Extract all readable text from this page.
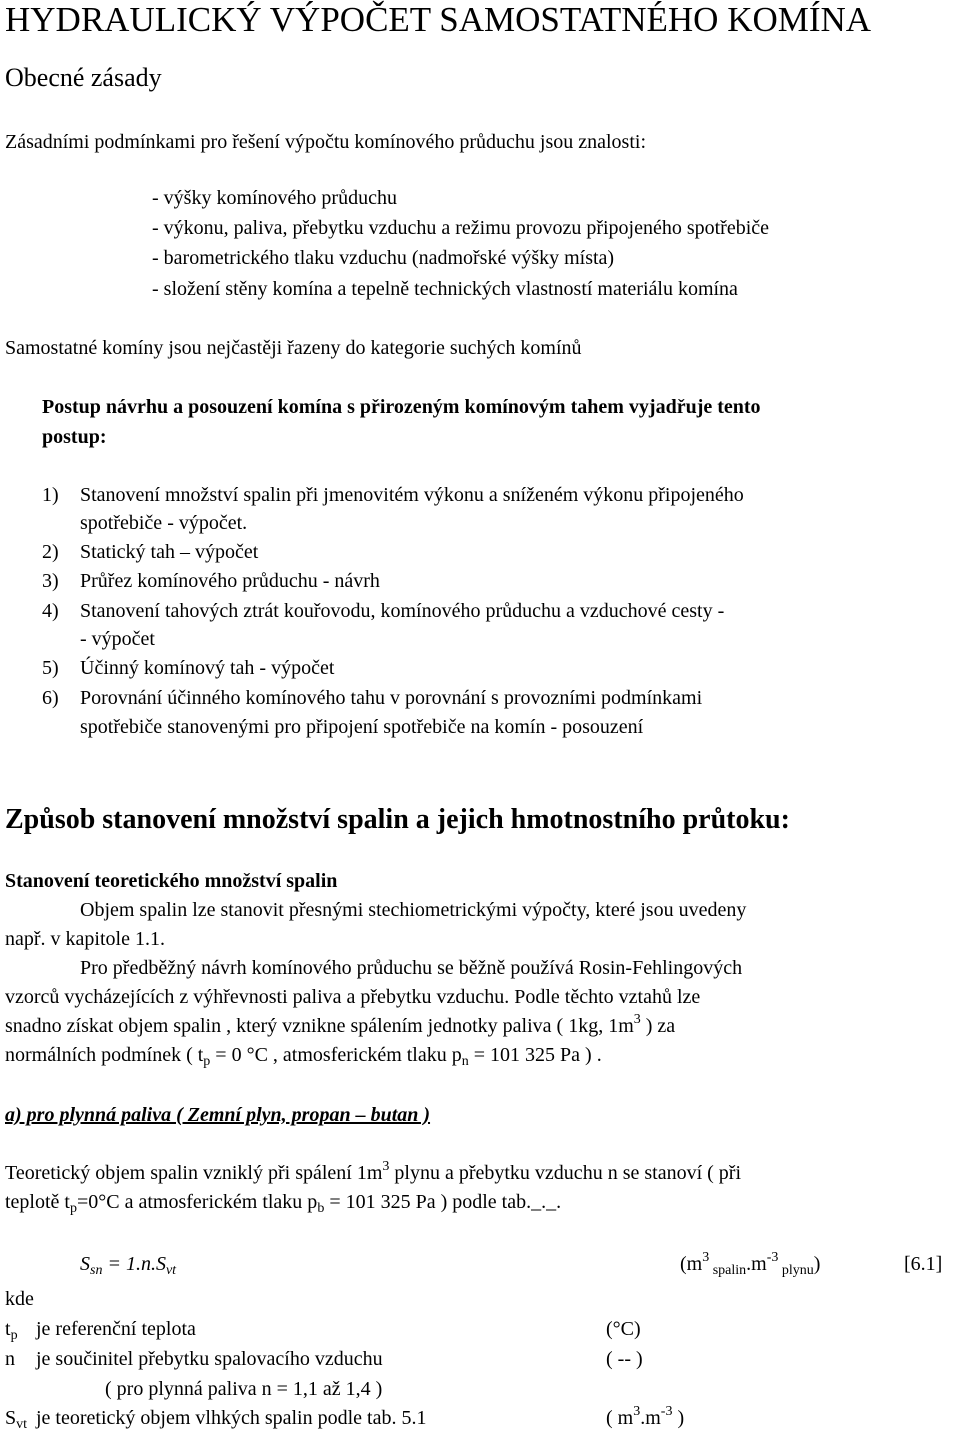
HYDRAULICKÝ VÝPOČET SAMOSTATNÉHO KOMÍNA
Obecné zásady
Zásadními podmínkami pro řešení výpočtu komínového průduchu jsou znalosti:
- výšky komínového průduchu
- výkonu, paliva, přebytku vzduchu a režimu provozu připojeného spotřebiče
- barometrického tlaku vzduchu (nadmořské výšky místa)
- složení stěny komína a tepelně technických vlastností materiálu komína
Samostatné komíny jsou nejčastěji řazeny do kategorie suchých komínů
Postup návrhu a posouzení komína s přirozeným komínovým tahem vyjadřuje tento
postup:
1) Stanovení množství spalin při jmenovitém výkonu a sníženém výkonu připojeného
spotřebiče - výpočet.
2) Statický tah – výpočet
3) Průřez komínového průduchu - návrh
4) Stanovení tahových ztrát kouřovodu, komínového průduchu a vzduchové cesty -
- výpočet
5) Účinný komínový tah - výpočet
6) Porovnání účinného komínového tahu v porovnání s provozními podmínkami
spotřebiče stanovenými pro připojení spotřebiče na komín - posouzení
Způsob stanovení množství spalin a jejich hmotnostního průtoku:
Stanovení teoretického množství spalin
Objem spalin lze stanovit přesnými stechiometrickými výpočty, které jsou uvedeny
např. v kapitole 1.1.
Pro předběžný návrh komínového průduchu se běžně používá Rosin-Fehlingových
vzorců vycházejících z výhřevnosti paliva a přebytku vzduchu. Podle těchto vztahů lze
snadno získat objem spalin , který vznikne spálením jednotky paliva ( 1kg, $1m^3$ ) za
normálních podmínek ( $t_p = 0$ °C , atmosferickém tlaku $p_n = 101$ 325 Pa ) .
a) pro plynná paliva ( Zemní plyn, propan – butan )
Teoretický objem spalin vzniklý při spálení $1m^3$ plynu a přebytku vzduchu n se stanoví ( při
teplotě $t_p=0^\circ C$ a atmosferickém tlaku $p_b = 101$ 325 Pa ) podle tab._._.
$S_{sn} = 1.n.S_{vt}$	($m^3$ $_{spalin}.m^{-3}$ $_{plynu}$)	[6.1]
kde
$t_p$ je referenční teplota	(°C)
n je součinitel přebytku spalovacího vzduchu	( -- )
( pro plynná paliva n = 1,1 až 1,4 )
$S_{vt}$ je teoretický objem vlhkých spalin podle tab. 5.1	( $m^3.m^{-3}$ )
